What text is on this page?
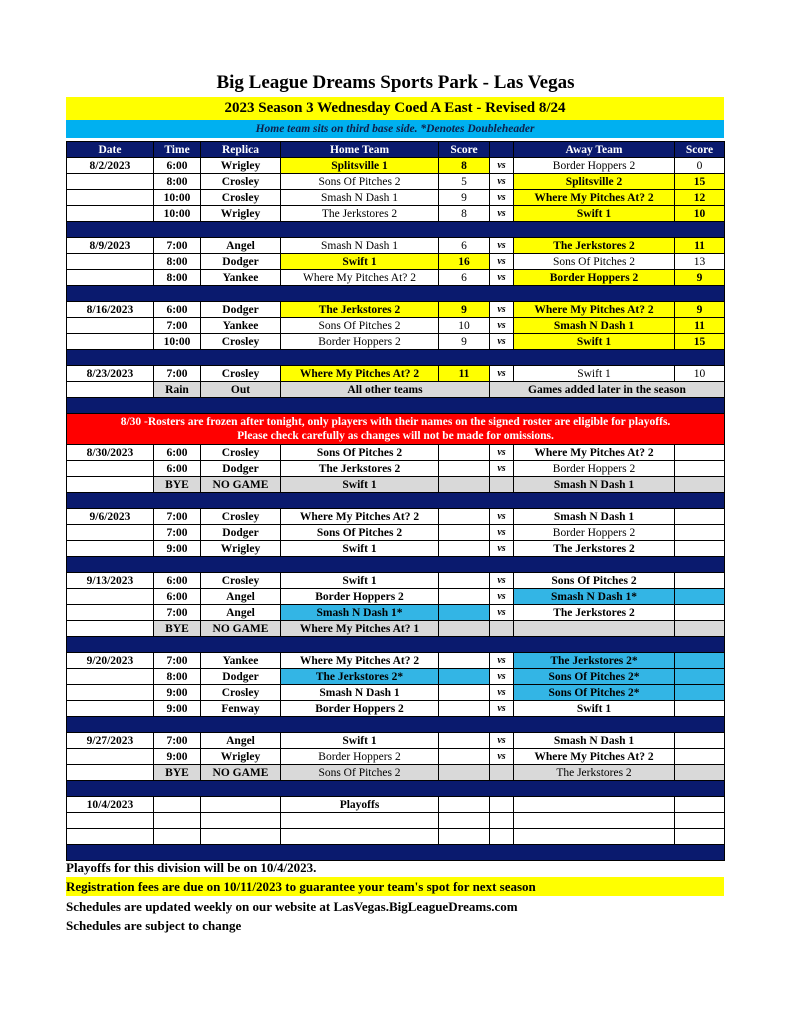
Big League Dreams Sports Park - Las Vegas
2023 Season 3 Wednesday Coed A East - Revised 8/24
Home team sits on third base side. *Denotes Doubleheader
Date	Time	Replica	Home Team	Score		Away Team	Score
8/2/2023	6:00	Wrigley	Splitsville 1	8	vs	Border Hoppers 2	0
	8:00	Crosley	Sons Of Pitches 2	5	vs	Splitsville 2	15
	10:00	Crosley	Smash N Dash 1	9	vs	Where My Pitches At? 2	12
	10:00	Wrigley	The Jerkstores 2	8	vs	Swift 1	10

8/9/2023	7:00	Angel	Smash N Dash 1	6	vs	The Jerkstores 2	11
	8:00	Dodger	Swift 1	16	vs	Sons Of Pitches 2	13
	8:00	Yankee	Where My Pitches At? 2	6	vs	Border Hoppers 2	9

8/16/2023	6:00	Dodger	The Jerkstores 2	9	vs	Where My Pitches At? 2	9
	7:00	Yankee	Sons Of Pitches 2	10	vs	Smash N Dash 1	11
	10:00	Crosley	Border Hoppers 2	9	vs	Swift 1	15

8/23/2023	7:00	Crosley	Where My Pitches At? 2	11	vs	Swift 1	10
	Rain	Out	All other teams		Games added later in the season		

8/30 -Rosters are frozen after tonight, only players with their names on the signed roster are eligible for playoffs.
Please check carefully as changes will not be made for omissions.							

8/30/2023	6:00	Crosley	Sons Of Pitches 2		vs	Where My Pitches At? 2	
	6:00	Dodger	The Jerkstores 2		vs	Border Hoppers 2	
	BYE	NO GAME	Swift 1			Smash N Dash 1	

9/6/2023	7:00	Crosley	Where My Pitches At? 2		vs	Smash N Dash 1	
	7:00	Dodger	Sons Of Pitches 2		vs	Border Hoppers 2	
	9:00	Wrigley	Swift 1		vs	The Jerkstores 2	

9/13/2023	6:00	Crosley	Swift 1		vs	Sons Of Pitches 2	
	6:00	Angel	Border Hoppers 2		vs	Smash N Dash 1*	
	7:00	Angel	Smash N Dash 1*		vs	The Jerkstores 2	
	BYE	NO GAME	Where My Pitches At? 1				

9/20/2023	7:00	Yankee	Where My Pitches At? 2		vs	The Jerkstores 2*	
	8:00	Dodger	The Jerkstores 2*		vs	Sons Of Pitches 2*	
	9:00	Crosley	Smash N Dash 1		vs	Sons Of Pitches 2*	
	9:00	Fenway	Border Hoppers 2		vs	Swift 1	

9/27/2023	7:00	Angel	Swift 1		vs	Smash N Dash 1	
	9:00	Wrigley	Border Hoppers 2		vs	Where My Pitches At? 2	
	BYE	NO GAME	Sons Of Pitches 2			The Jerkstores 2	

10/4/2023			Playoffs				

Playoffs for this division will be on 10/4/2023.
Registration fees are due on 10/11/2023 to guarantee your team's spot for next season
Schedules are updated weekly on our website at LasVegas.BigLeagueDreams.com
Schedules are subject to change
